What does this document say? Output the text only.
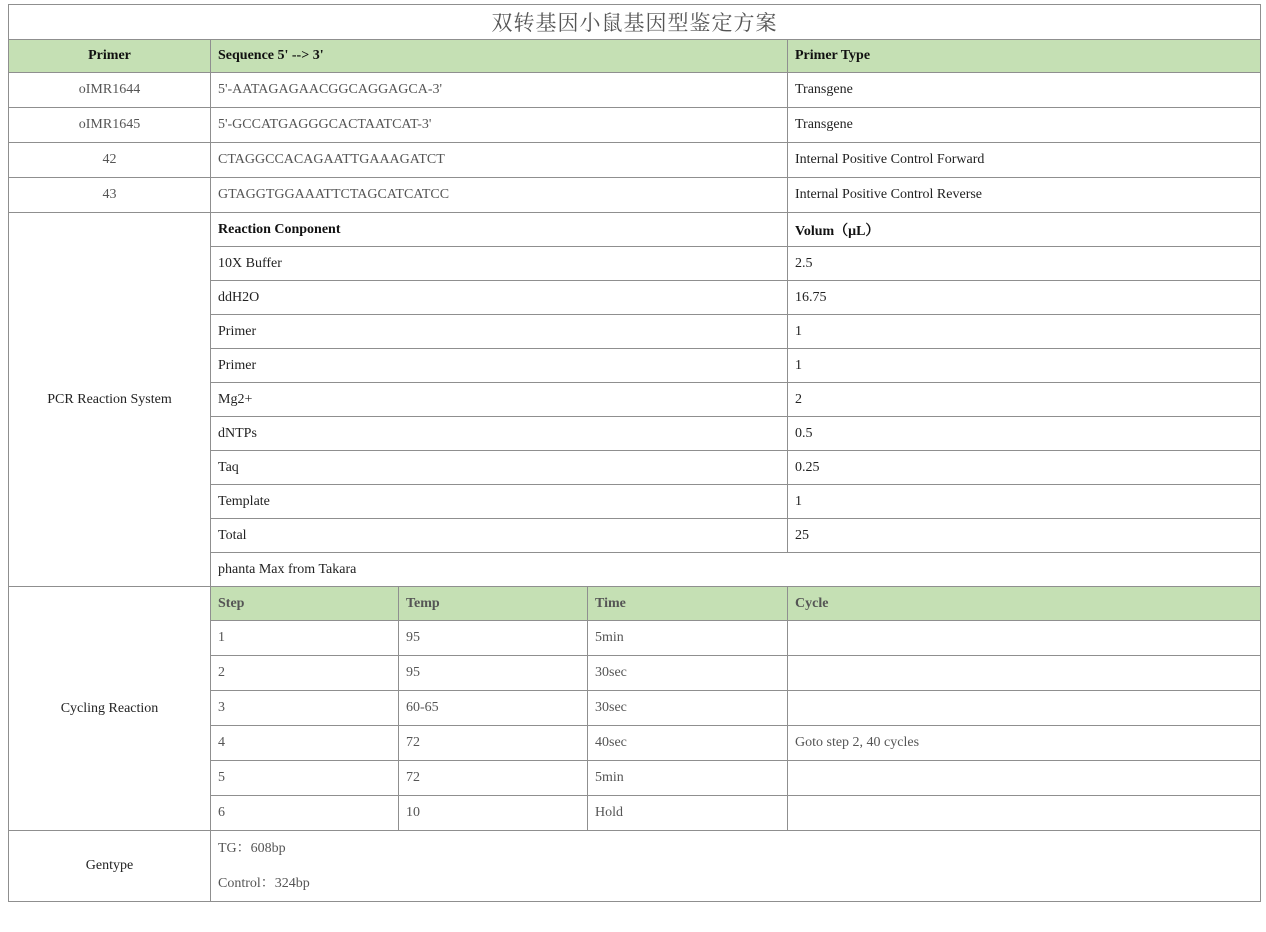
双转基因小鼠基因型鉴定方案				
Primer	Sequence 5' --> 3'			Primer Type
oIMR1644	5'-AATAGAGAACGGCAGGAGCA-3'			Transgene
oIMR1645	5'-GCCATGAGGGCACTAATCAT-3'			Transgene
42	CTAGGCCACAGAATTGAAAGATCT			Internal Positive Control Forward
43	GTAGGTGGAAATTCTAGCATCATCC			Internal Positive Control Reverse
PCR Reaction System	Reaction Conponent			Volum（μL）
	10X Buffer			2.5
	ddH2O			16.75
	Primer			1
	Primer			1
	Mg2+			2
	dNTPs			0.5
	Taq			0.25
	Template			1
	Total			25
	phanta Max from Takara			
Cycling Reaction	Step	Temp	Time	Cycle
	1	95	5min	
	2	95	30sec	
	3	60-65	30sec	
	4	72	40sec	Goto step 2, 40 cycles
	5	72	5min	
	6	10	Hold	
Gentype	TG：608bp
Control：324bp			
